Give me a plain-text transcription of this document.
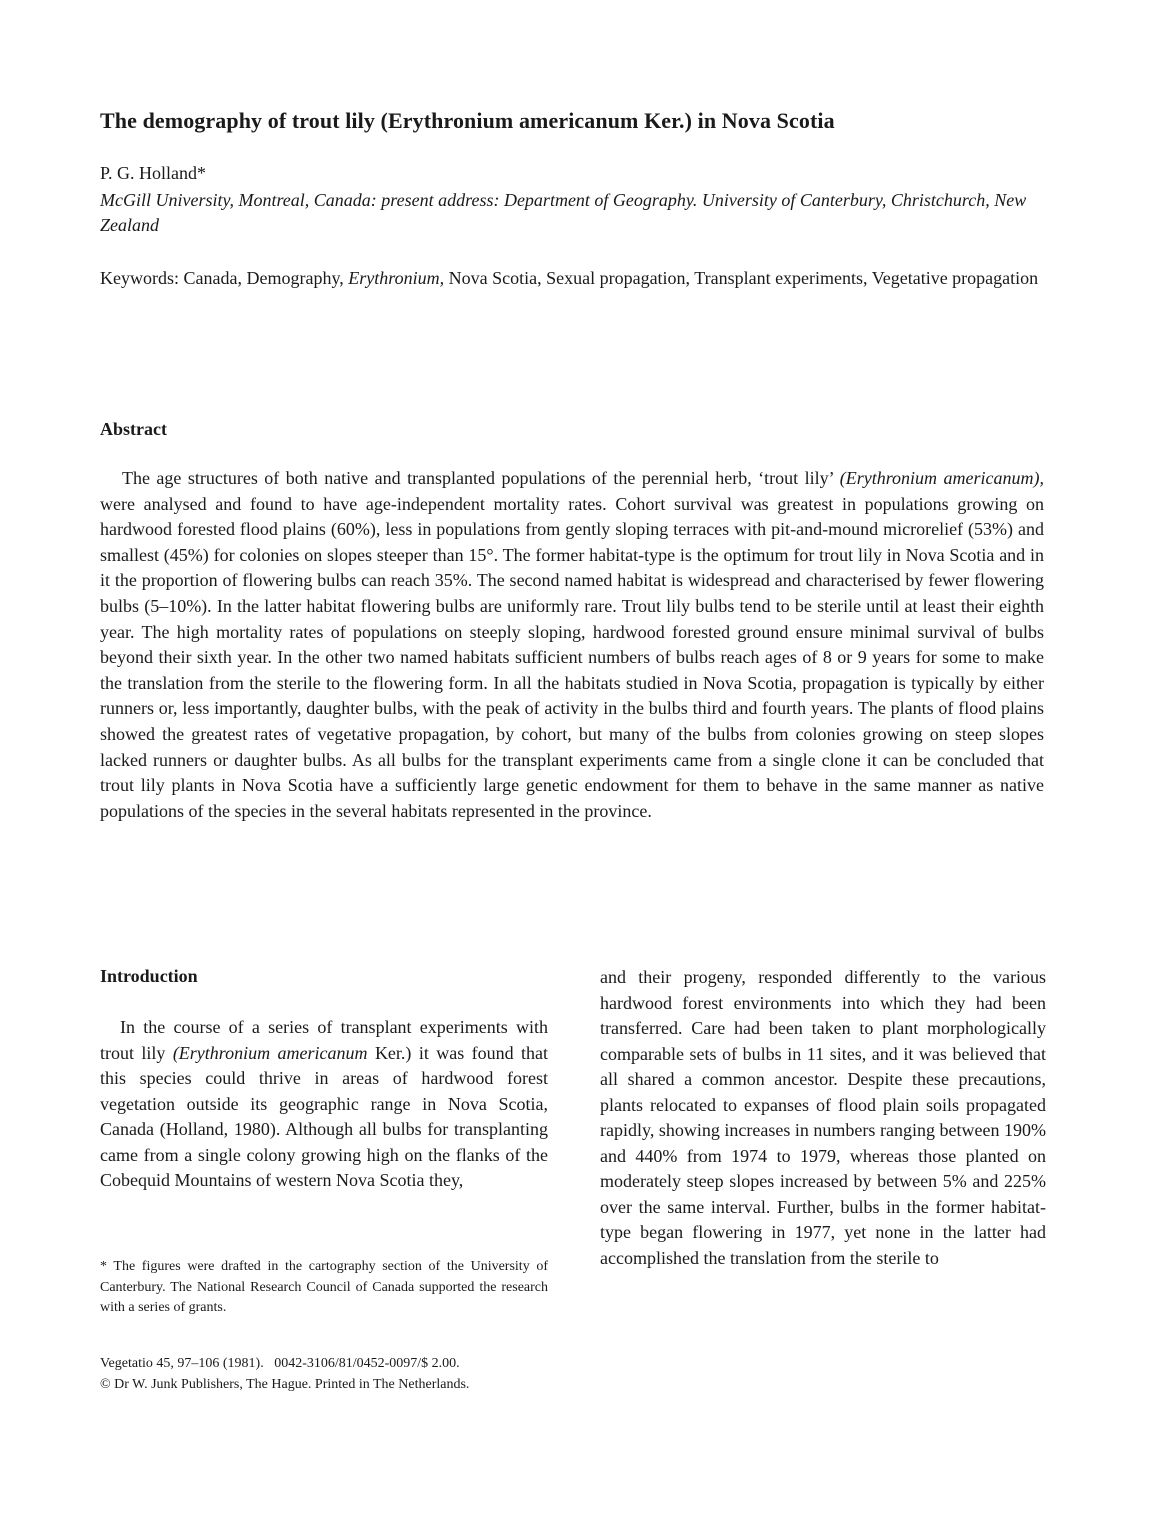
The demography of trout lily (Erythronium americanum Ker.) in Nova Scotia
P. G. Holland*
McGill University, Montreal, Canada: present address: Department of Geography. University of Canterbury, Christchurch, New Zealand
Keywords: Canada, Demography, Erythronium, Nova Scotia, Sexual propagation, Transplant experiments, Vegetative propagation
Abstract
The age structures of both native and transplanted populations of the perennial herb, ‘trout lily’ (Erythronium americanum), were analysed and found to have age-independent mortality rates. Cohort survival was greatest in populations growing on hardwood forested flood plains (60%), less in populations from gently sloping terraces with pit-and-mound microrelief (53%) and smallest (45%) for colonies on slopes steeper than 15°. The former habitat-type is the optimum for trout lily in Nova Scotia and in it the proportion of flowering bulbs can reach 35%. The second named habitat is widespread and characterised by fewer flowering bulbs (5–10%). In the latter habitat flowering bulbs are uniformly rare. Trout lily bulbs tend to be sterile until at least their eighth year. The high mortality rates of populations on steeply sloping, hardwood forested ground ensure minimal survival of bulbs beyond their sixth year. In the other two named habitats sufficient numbers of bulbs reach ages of 8 or 9 years for some to make the translation from the sterile to the flowering form. In all the habitats studied in Nova Scotia, propagation is typically by either runners or, less importantly, daughter bulbs, with the peak of activity in the bulbs third and fourth years. The plants of flood plains showed the greatest rates of vegetative propagation, by cohort, but many of the bulbs from colonies growing on steep slopes lacked runners or daughter bulbs. As all bulbs for the transplant experiments came from a single clone it can be concluded that trout lily plants in Nova Scotia have a sufficiently large genetic endowment for them to behave in the same manner as native populations of the species in the several habitats represented in the province.
Introduction
In the course of a series of transplant experiments with trout lily (Erythronium americanum Ker.) it was found that this species could thrive in areas of hardwood forest vegetation outside its geographic range in Nova Scotia, Canada (Holland, 1980). Although all bulbs for transplanting came from a single colony growing high on the flanks of the Cobequid Mountains of western Nova Scotia they,
and their progeny, responded differently to the various hardwood forest environments into which they had been transferred. Care had been taken to plant morphologically comparable sets of bulbs in 11 sites, and it was believed that all shared a common ancestor. Despite these precautions, plants relocated to expanses of flood plain soils propagated rapidly, showing increases in numbers ranging between 190% and 440% from 1974 to 1979, whereas those planted on moderately steep slopes increased by between 5% and 225% over the same interval. Further, bulbs in the former habitat-type began flowering in 1977, yet none in the latter had accomplished the translation from the sterile to
* The figures were drafted in the cartography section of the University of Canterbury. The National Research Council of Canada supported the research with a series of grants.
Vegetatio 45, 97–106 (1981).   0042-3106/81/0452-0097/$ 2.00.
© Dr W. Junk Publishers, The Hague. Printed in The Netherlands.
